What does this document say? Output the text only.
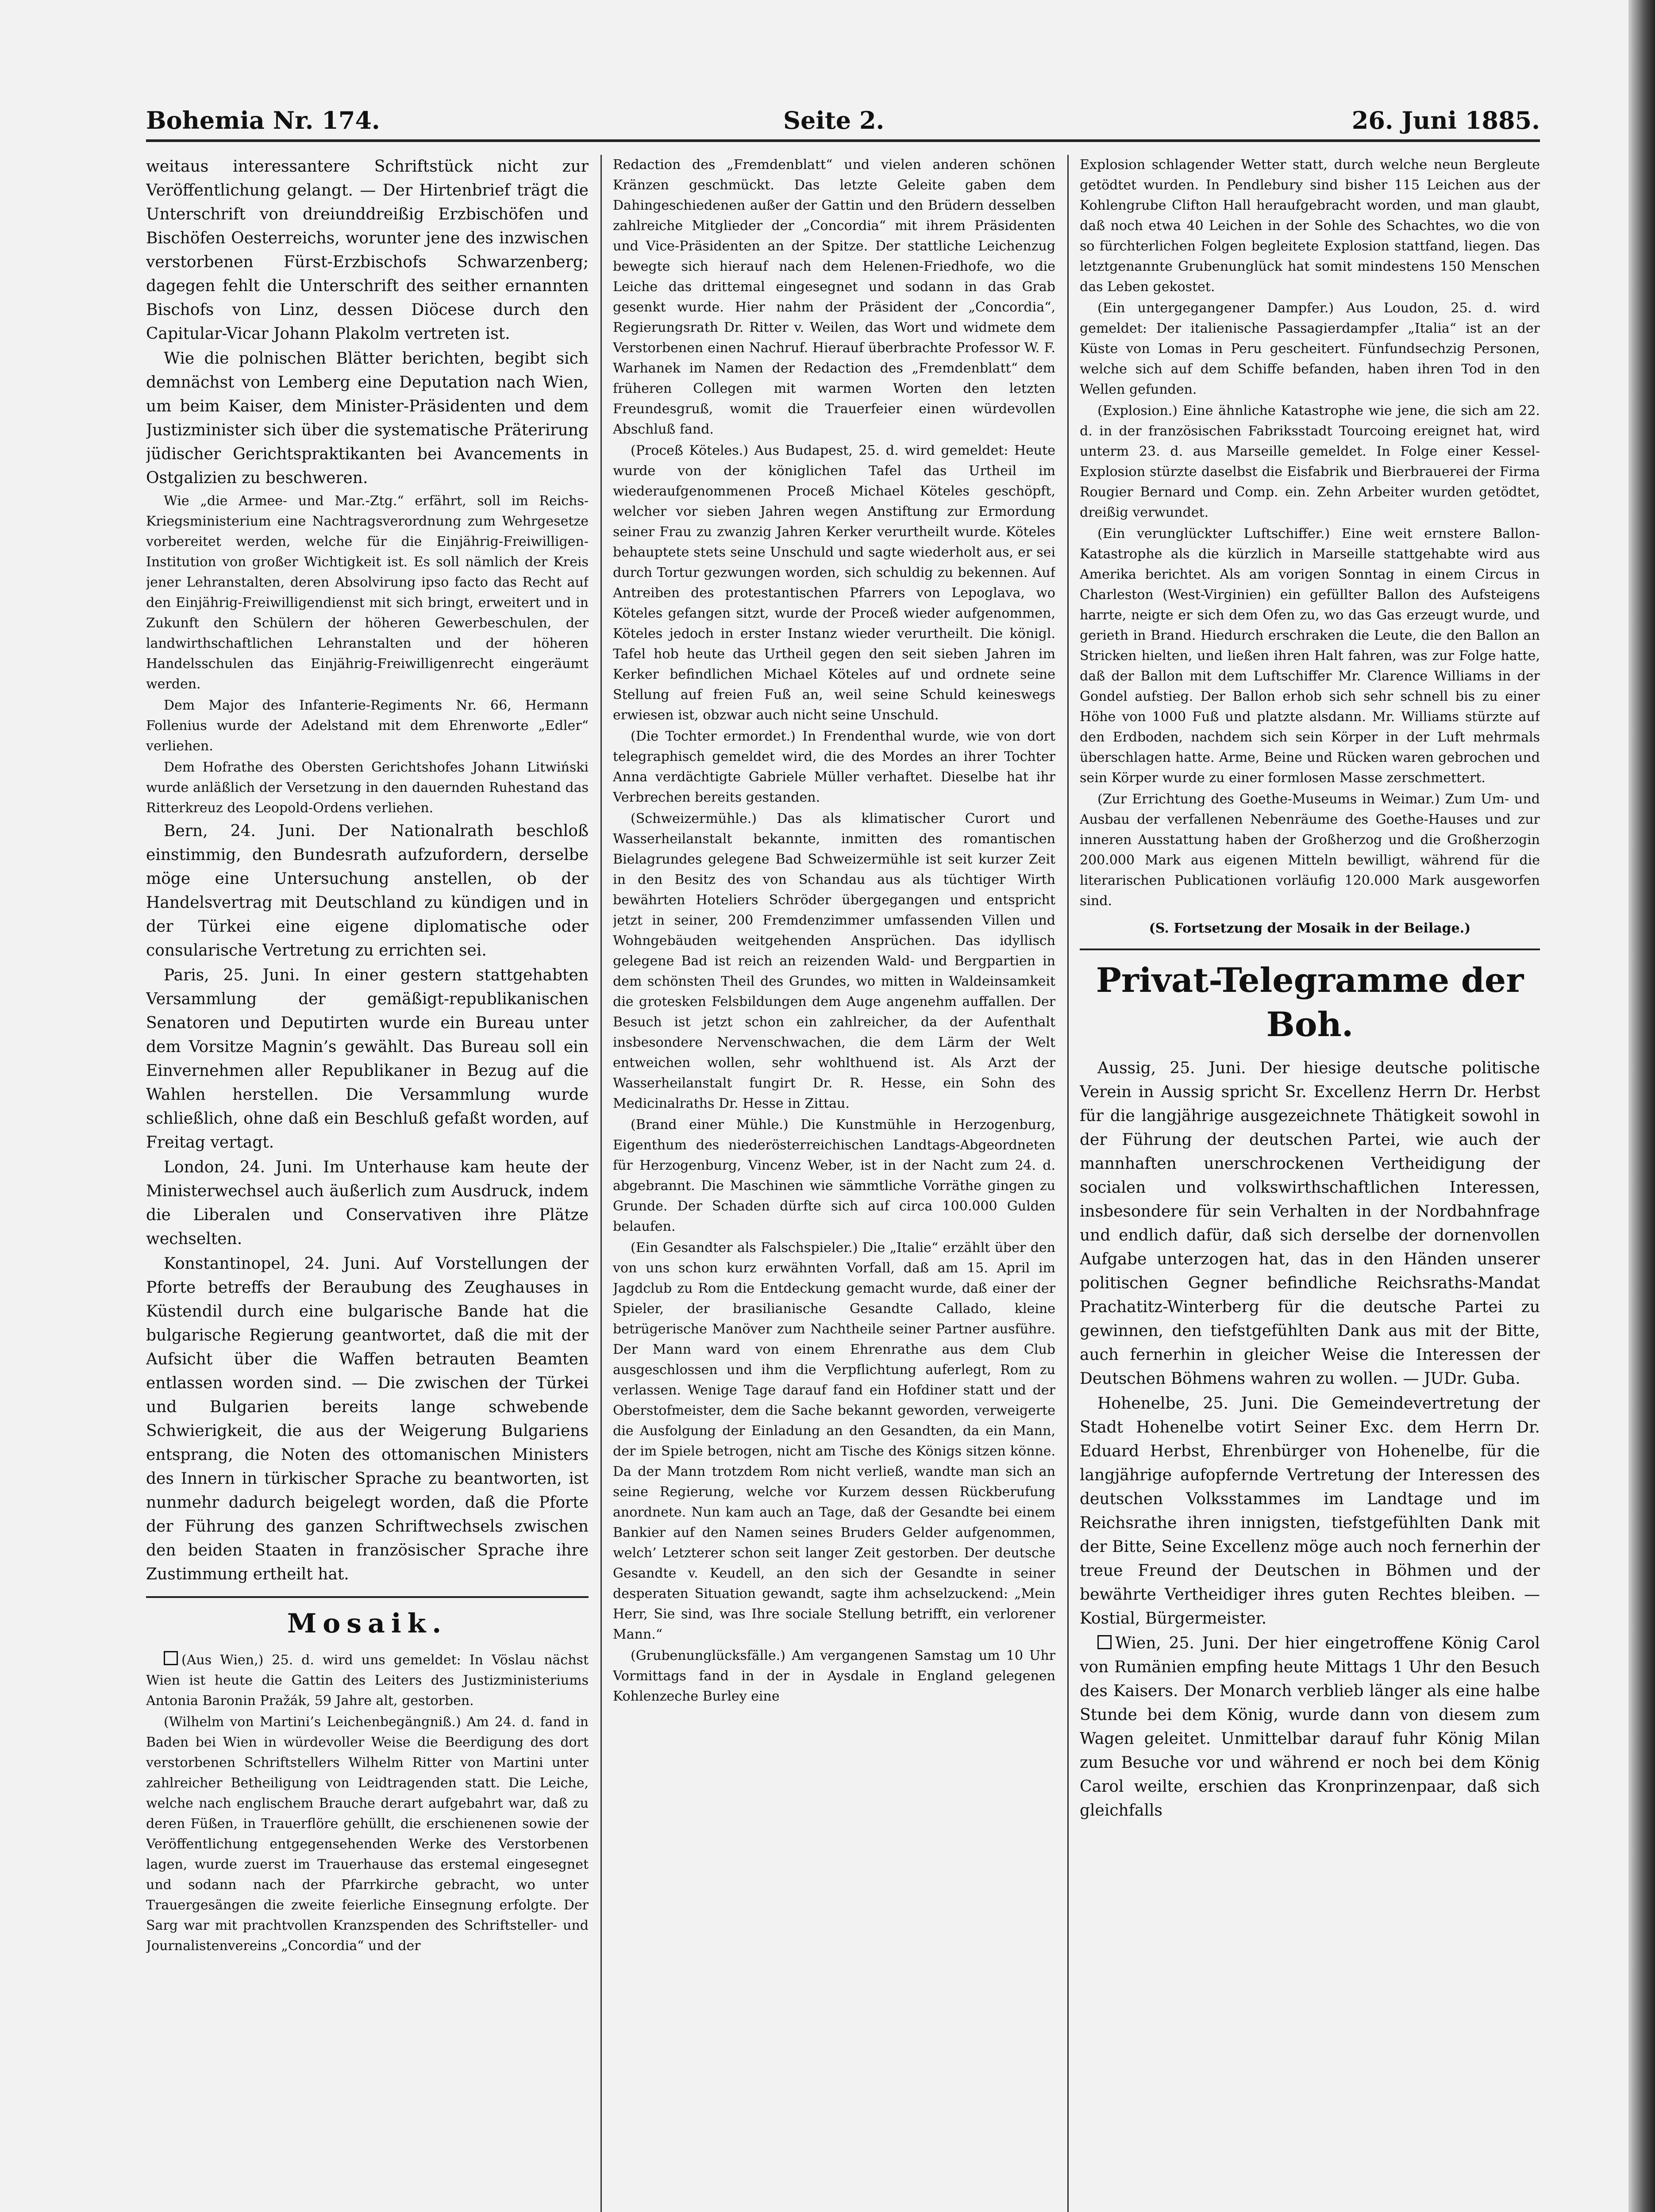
Bohemia Nr. 174.	Seite 2.	26. Juni 1885.

weitaus interessantere Schriftstück nicht zur Veröffentlichung gelangt. — Der Hirtenbrief trägt die Unterschrift von dreiunddreißig Erzbischöfen und Bischöfen Oesterreichs, worunter jene des inzwischen verstorbenen Fürst-Erzbischofs Schwarzenberg; dagegen fehlt die Unterschrift des seither ernannten Bischofs von Linz, dessen Diöcese durch den Capitular-Vicar Johann Plakolm vertreten ist.

Wie die polnischen Blätter berichten, begibt sich demnächst von Lemberg eine Deputation nach Wien, um beim Kaiser, dem Minister-Präsidenten und dem Justizminister sich über die systematische Präterirung jüdischer Gerichtspraktikanten bei Avancements in Ostgalizien zu beschweren.

Wie „die Armee- und Mar.-Ztg.“ erfährt, soll im Reichs-Kriegsministerium eine Nachtragsverordnung zum Wehrgesetze vorbereitet werden, welche für die Einjährig-Freiwilligen-Institution von großer Wichtigkeit ist. Es soll nämlich der Kreis jener Lehranstalten, deren Absolvirung ipso facto das Recht auf den Einjährig-Freiwilligendienst mit sich bringt, erweitert und in Zukunft den Schülern der höheren Gewerbeschulen, der landwirthschaftlichen Lehranstalten und der höheren Handelsschulen das Einjährig-Freiwilligenrecht eingeräumt werden.

Dem Major des Infanterie-Regiments Nr. 66, Hermann Follenius wurde der Adelstand mit dem Ehrenworte „Edler“ verliehen.

Dem Hofrathe des Obersten Gerichtshofes Johann Litwiński wurde anläßlich der Versetzung in den dauernden Ruhestand das Ritterkreuz des Leopold-Ordens verliehen.

Bern, 24. Juni. Der Nationalrath beschloß einstimmig, den Bundesrath aufzufordern, derselbe möge eine Untersuchung anstellen, ob der Handelsvertrag mit Deutschland zu kündigen und in der Türkei eine eigene diplomatische oder consularische Vertretung zu errichten sei.

Paris, 25. Juni. In einer gestern stattgehabten Versammlung der gemäßigt-republikanischen Senatoren und Deputirten wurde ein Bureau unter dem Vorsitze Magnin’s gewählt. Das Bureau soll ein Einvernehmen aller Republikaner in Bezug auf die Wahlen herstellen. Die Versammlung wurde schließlich, ohne daß ein Beschluß gefaßt worden, auf Freitag vertagt.

London, 24. Juni. Im Unterhause kam heute der Ministerwechsel auch äußerlich zum Ausdruck, indem die Liberalen und Conservativen ihre Plätze wechselten.

Konstantinopel, 24. Juni. Auf Vorstellungen der Pforte betreffs der Beraubung des Zeughauses in Küstendil durch eine bulgarische Bande hat die bulgarische Regierung geantwortet, daß die mit der Aufsicht über die Waffen betrauten Beamten entlassen worden sind. — Die zwischen der Türkei und Bulgarien bereits lange schwebende Schwierigkeit, die aus der Weigerung Bulgariens entsprang, die Noten des ottomanischen Ministers des Innern in türkischer Sprache zu beantworten, ist nunmehr dadurch beigelegt worden, daß die Pforte der Führung des ganzen Schriftwechsels zwischen den beiden Staaten in französischer Sprache ihre Zustimmung ertheilt hat.

Mosaik.

(Aus Wien,) 25. d. wird uns gemeldet: In Vöslau nächst Wien ist heute die Gattin des Leiters des Justizministeriums Antonia Baronin Pražák, 59 Jahre alt, gestorben.

(Wilhelm von Martini’s Leichenbegängniß.) Am 24. d. fand in Baden bei Wien in würdevoller Weise die Beerdigung des dort verstorbenen Schriftstellers Wilhelm Ritter von Martini unter zahlreicher Betheiligung von Leidtragenden statt. Die Leiche, welche nach englischem Brauche derart aufgebahrt war, daß zu deren Füßen, in Trauerflöre gehüllt, die erschienenen sowie der Veröffentlichung entgegensehenden Werke des Verstorbenen lagen, wurde zuerst im Trauerhause das erstemal eingesegnet und sodann nach der Pfarrkirche gebracht, wo unter Trauergesängen die zweite feierliche Einsegnung erfolgte. Der Sarg war mit prachtvollen Kranzspenden des Schriftsteller- und Journalistenvereins „Concordia“ und der

Redaction des „Fremdenblatt“ und vielen anderen schönen Kränzen geschmückt. Das letzte Geleite gaben dem Dahingeschiedenen außer der Gattin und den Brüdern desselben zahlreiche Mitglieder der „Concordia“ mit ihrem Präsidenten und Vice-Präsidenten an der Spitze. Der stattliche Leichenzug bewegte sich hierauf nach dem Helenen-Friedhofe, wo die Leiche das drittemal eingesegnet und sodann in das Grab gesenkt wurde. Hier nahm der Präsident der „Concordia“, Regierungsrath Dr. Ritter v. Weilen, das Wort und widmete dem Verstorbenen einen Nachruf. Hierauf überbrachte Professor W. F. Warhanek im Namen der Redaction des „Fremdenblatt“ dem früheren Collegen mit warmen Worten den letzten Freundesgruß, womit die Trauerfeier einen würdevollen Abschluß fand.

(Proceß Köteles.) Aus Budapest, 25. d. wird gemeldet: Heute wurde von der königlichen Tafel das Urtheil im wiederaufgenommenen Proceß Michael Köteles geschöpft, welcher vor sieben Jahren wegen Anstiftung zur Ermordung seiner Frau zu zwanzig Jahren Kerker verurtheilt wurde. Köteles behauptete stets seine Unschuld und sagte wiederholt aus, er sei durch Tortur gezwungen worden, sich schuldig zu bekennen. Auf Antreiben des protestantischen Pfarrers von Lepoglava, wo Köteles gefangen sitzt, wurde der Proceß wieder aufgenommen, Köteles jedoch in erster Instanz wieder verurtheilt. Die königl. Tafel hob heute das Urtheil gegen den seit sieben Jahren im Kerker befindlichen Michael Köteles auf und ordnete seine Stellung auf freien Fuß an, weil seine Schuld keineswegs erwiesen ist, obzwar auch nicht seine Unschuld.

(Die Tochter ermordet.) In Frendenthal wurde, wie von dort telegraphisch gemeldet wird, die des Mordes an ihrer Tochter Anna verdächtigte Gabriele Müller verhaftet. Dieselbe hat ihr Verbrechen bereits gestanden.

(Schweizermühle.) Das als klimatischer Curort und Wasserheilanstalt bekannte, inmitten des romantischen Bielagrundes gelegene Bad Schweizermühle ist seit kurzer Zeit in den Besitz des von Schandau aus als tüchtiger Wirth bewährten Hoteliers Schröder übergegangen und entspricht jetzt in seiner, 200 Fremdenzimmer umfassenden Villen und Wohngebäuden weitgehenden Ansprüchen. Das idyllisch gelegene Bad ist reich an reizenden Wald- und Bergpartien in dem schönsten Theil des Grundes, wo mitten in Waldeinsamkeit die grotesken Felsbildungen dem Auge angenehm auffallen. Der Besuch ist jetzt schon ein zahlreicher, da der Aufenthalt insbesondere Nervenschwachen, die dem Lärm der Welt entweichen wollen, sehr wohlthuend ist. Als Arzt der Wasserheilanstalt fungirt Dr. R. Hesse, ein Sohn des Medicinalraths Dr. Hesse in Zittau.

(Brand einer Mühle.) Die Kunstmühle in Herzogenburg, Eigenthum des niederösterreichischen Landtags-Abgeordneten für Herzogenburg, Vincenz Weber, ist in der Nacht zum 24. d. abgebrannt. Die Maschinen wie sämmtliche Vorräthe gingen zu Grunde. Der Schaden dürfte sich auf circa 100.000 Gulden belaufen.

(Ein Gesandter als Falschspieler.) Die „Italie“ erzählt über den von uns schon kurz erwähnten Vorfall, daß am 15. April im Jagdclub zu Rom die Entdeckung gemacht wurde, daß einer der Spieler, der brasilianische Gesandte Callado, kleine betrügerische Manöver zum Nachtheile seiner Partner ausführe. Der Mann ward von einem Ehrenrathe aus dem Club ausgeschlossen und ihm die Verpflichtung auferlegt, Rom zu verlassen. Wenige Tage darauf fand ein Hofdiner statt und der Oberstofmeister, dem die Sache bekannt geworden, verweigerte die Ausfolgung der Einladung an den Gesandten, da ein Mann, der im Spiele betrogen, nicht am Tische des Königs sitzen könne. Da der Mann trotzdem Rom nicht verließ, wandte man sich an seine Regierung, welche vor Kurzem dessen Rückberufung anordnete. Nun kam auch an Tage, daß der Gesandte bei einem Bankier auf den Namen seines Bruders Gelder aufgenommen, welch’ Letzterer schon seit langer Zeit gestorben. Der deutsche Gesandte v. Keudell, an den sich der Gesandte in seiner desperaten Situation gewandt, sagte ihm achselzuckend: „Mein Herr, Sie sind, was Ihre sociale Stellung betrifft, ein verlorener Mann.“

(Grubenunglücksfälle.) Am vergangenen Samstag um 10 Uhr Vormittags fand in der in Aysdale in England gelegenen Kohlenzeche Burley eine

Explosion schlagender Wetter statt, durch welche neun Bergleute getödtet wurden. In Pendlebury sind bisher 115 Leichen aus der Kohlengrube Clifton Hall heraufgebracht worden, und man glaubt, daß noch etwa 40 Leichen in der Sohle des Schachtes, wo die von so fürchterlichen Folgen begleitete Explosion stattfand, liegen. Das letztgenannte Grubenunglück hat somit mindestens 150 Menschen das Leben gekostet.

(Ein untergegangener Dampfer.) Aus Loudon, 25. d. wird gemeldet: Der italienische Passagierdampfer „Italia“ ist an der Küste von Lomas in Peru gescheitert. Fünfundsechzig Personen, welche sich auf dem Schiffe befanden, haben ihren Tod in den Wellen gefunden.

(Explosion.) Eine ähnliche Katastrophe wie jene, die sich am 22. d. in der französischen Fabriksstadt Tourcoing ereignet hat, wird unterm 23. d. aus Marseille gemeldet. In Folge einer Kessel-Explosion stürzte daselbst die Eisfabrik und Bierbrauerei der Firma Rougier Bernard und Comp. ein. Zehn Arbeiter wurden getödtet, dreißig verwundet.

(Ein verunglückter Luftschiffer.) Eine weit ernstere Ballon-Katastrophe als die kürzlich in Marseille stattgehabte wird aus Amerika berichtet. Als am vorigen Sonntag in einem Circus in Charleston (West-Virginien) ein gefüllter Ballon des Aufsteigens harrte, neigte er sich dem Ofen zu, wo das Gas erzeugt wurde, und gerieth in Brand. Hiedurch erschraken die Leute, die den Ballon an Stricken hielten, und ließen ihren Halt fahren, was zur Folge hatte, daß der Ballon mit dem Luftschiffer Mr. Clarence Williams in der Gondel aufstieg. Der Ballon erhob sich sehr schnell bis zu einer Höhe von 1000 Fuß und platzte alsdann. Mr. Williams stürzte auf den Erdboden, nachdem sich sein Körper in der Luft mehrmals überschlagen hatte. Arme, Beine und Rücken waren gebrochen und sein Körper wurde zu einer formlosen Masse zerschmettert.

(Zur Errichtung des Goethe-Museums in Weimar.) Zum Um- und Ausbau der verfallenen Nebenräume des Goethe-Hauses und zur inneren Ausstattung haben der Großherzog und die Großherzogin 200.000 Mark aus eigenen Mitteln bewilligt, während für die literarischen Publicationen vorläufig 120.000 Mark ausgeworfen sind.

(S. Fortsetzung der Mosaik in der Beilage.)

Privat-Telegramme der Boh.

Aussig, 25. Juni. Der hiesige deutsche politische Verein in Aussig spricht Sr. Excellenz Herrn Dr. Herbst für die langjährige ausgezeichnete Thätigkeit sowohl in der Führung der deutschen Partei, wie auch der mannhaften unerschrockenen Vertheidigung der socialen und volkswirthschaftlichen Interessen, insbesondere für sein Verhalten in der Nordbahnfrage und endlich dafür, daß sich derselbe der dornenvollen Aufgabe unterzogen hat, das in den Händen unserer politischen Gegner befindliche Reichsraths-Mandat Prachatitz-Winterberg für die deutsche Partei zu gewinnen, den tiefstgefühlten Dank aus mit der Bitte, auch fernerhin in gleicher Weise die Interessen der Deutschen Böhmens wahren zu wollen. — JUDr. Guba.

Hohenelbe, 25. Juni. Die Gemeindevertretung der Stadt Hohenelbe votirt Seiner Exc. dem Herrn Dr. Eduard Herbst, Ehrenbürger von Hohenelbe, für die langjährige aufopfernde Vertretung der Interessen des deutschen Volksstammes im Landtage und im Reichsrathe ihren innigsten, tiefstgefühlten Dank mit der Bitte, Seine Excellenz möge auch noch fernerhin der treue Freund der Deutschen in Böhmen und der bewährte Vertheidiger ihres guten Rechtes bleiben. — Kostial, Bürgermeister.

Wien, 25. Juni. Der hier eingetroffene König Carol von Rumänien empfing heute Mittags 1 Uhr den Besuch des Kaisers. Der Monarch verblieb länger als eine halbe Stunde bei dem König, wurde dann von diesem zum Wagen geleitet. Unmittelbar darauf fuhr König Milan zum Besuche vor und während er noch bei dem König Carol weilte, erschien das Kronprinzenpaar, daß sich gleichfalls
